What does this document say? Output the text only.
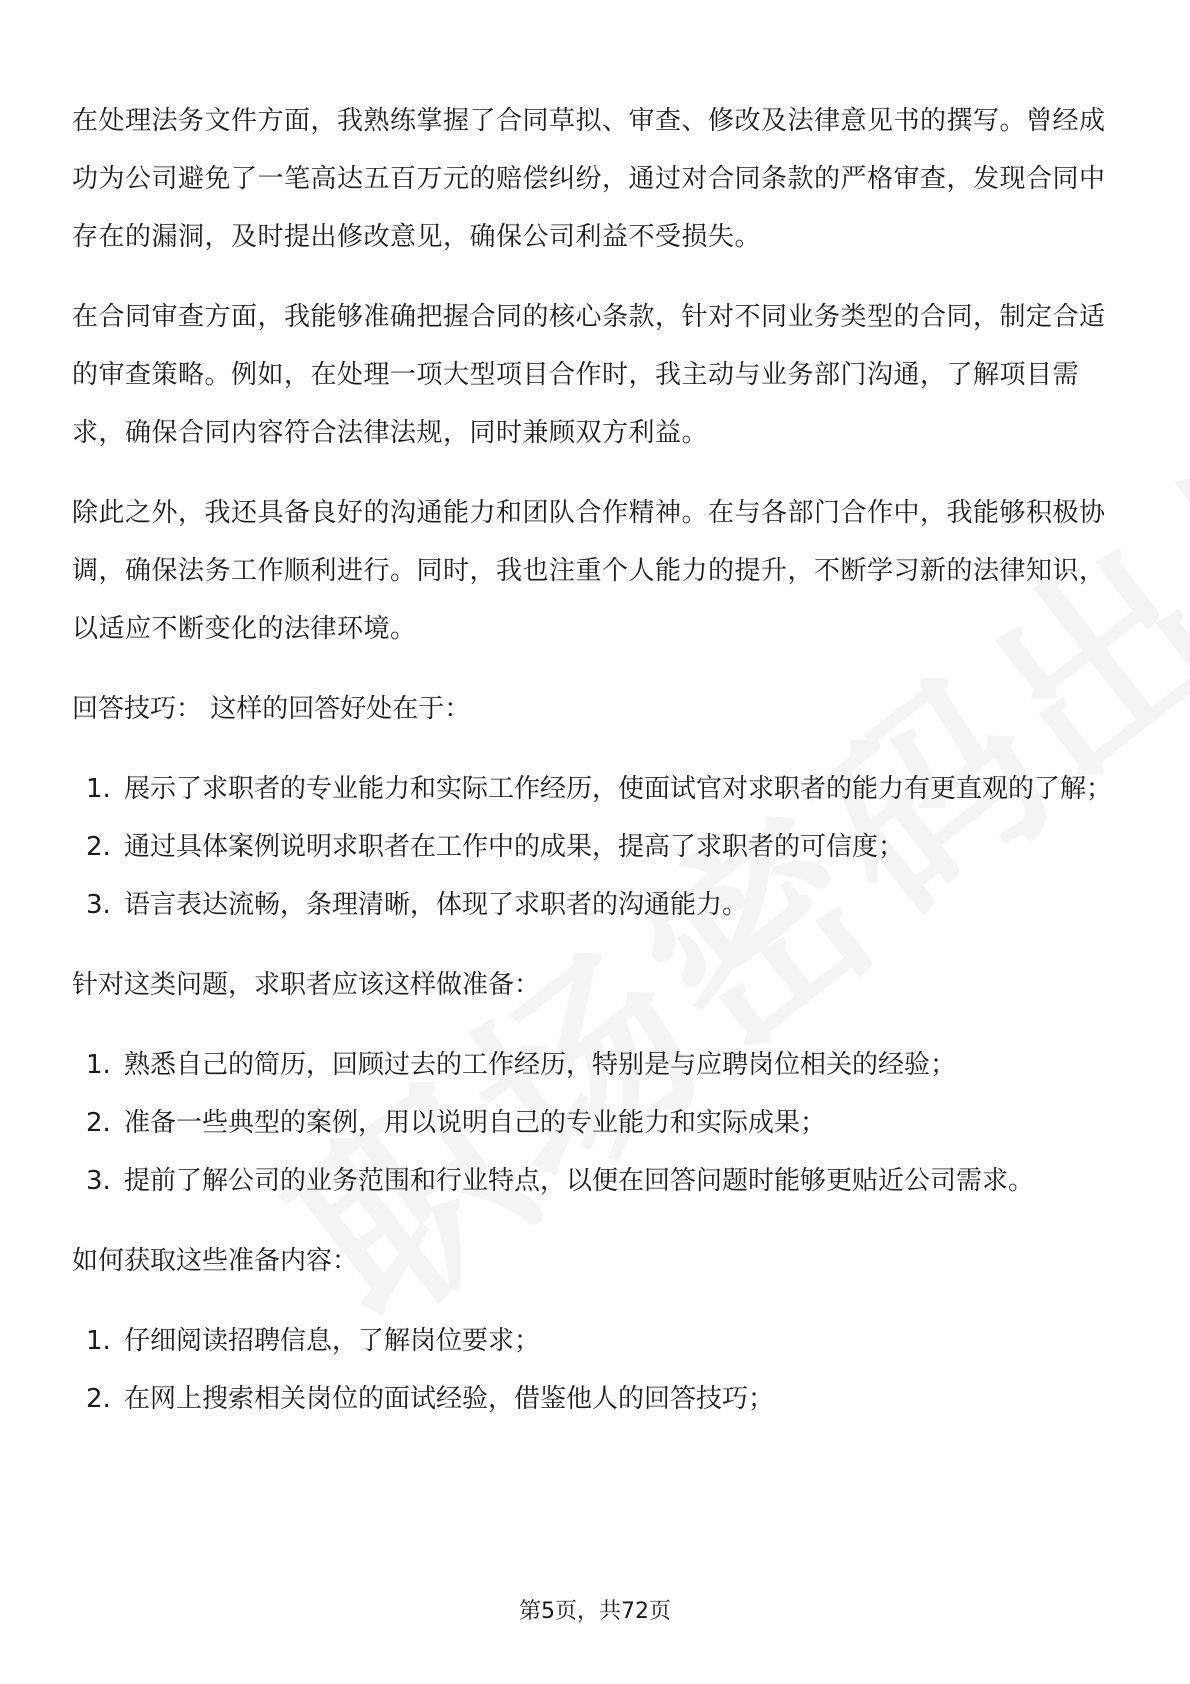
在处理法务文件方面，我熟练掌握了合同草拟、审查、修改及法律意见书的撰写。曾经成功为公司避免了一笔高达五百万元的赔偿纠纷，通过对合同条款的严格审查，发现合同中存在的漏洞，及时提出修改意见，确保公司利益不受损失。

在合同审查方面，我能够准确把握合同的核心条款，针对不同业务类型的合同，制定合适的审查策略。例如，在处理一项大型项目合作时，我主动与业务部门沟通，了解项目需求，确保合同内容符合法律法规，同时兼顾双方利益。

除此之外，我还具备良好的沟通能力和团队合作精神。在与各部门合作中，我能够积极协调，确保法务工作顺利进行。同时，我也注重个人能力的提升，不断学习新的法律知识，以适应不断变化的法律环境。

回答技巧： 这样的回答好处在于：

1. 展示了求职者的专业能力和实际工作经历，使面试官对求职者的能力有更直观的了解；
2. 通过具体案例说明求职者在工作中的成果，提高了求职者的可信度；
3. 语言表达流畅，条理清晰，体现了求职者的沟通能力。

针对这类问题，求职者应该这样做准备：

1. 熟悉自己的简历，回顾过去的工作经历，特别是与应聘岗位相关的经验；
2. 准备一些典型的案例，用以说明自己的专业能力和实际成果；
3. 提前了解公司的业务范围和行业特点，以便在回答问题时能够更贴近公司需求。

如何获取这些准备内容：

1. 仔细阅读招聘信息，了解岗位要求；
2. 在网上搜索相关岗位的面试经验，借鉴他人的回答技巧；
第5页，共72页
